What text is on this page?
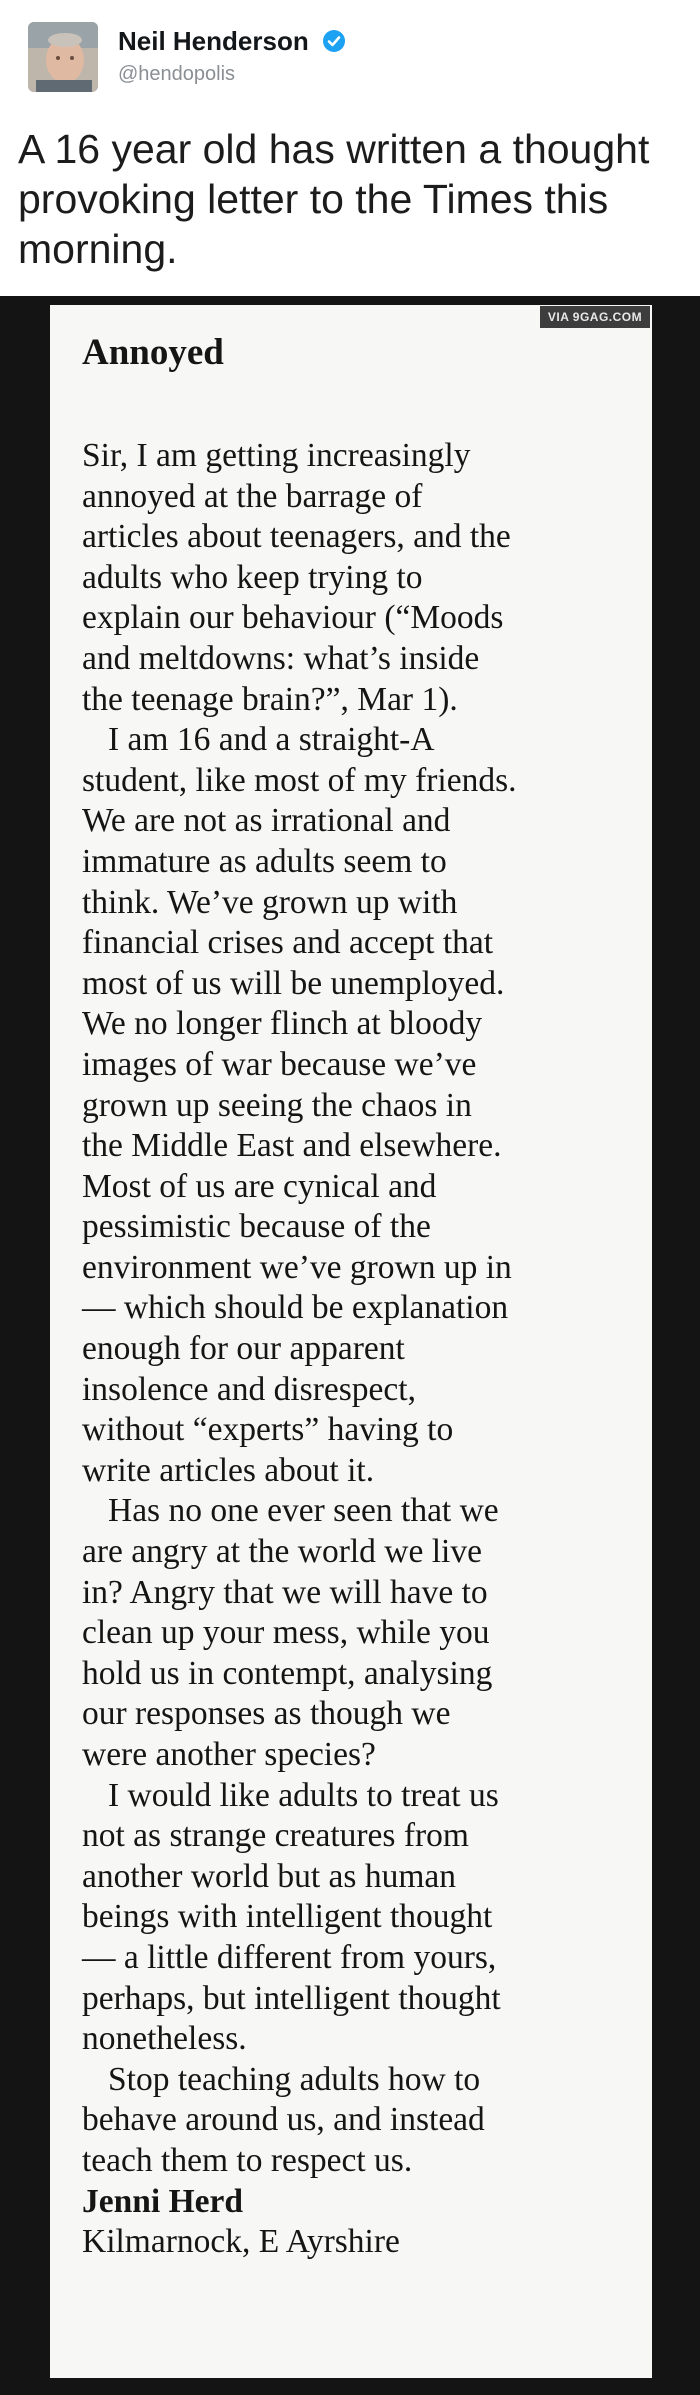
Neil Henderson
@hendopolis
A 16 year old has written a thought
provoking letter to the Times this
morning.
VIA 9GAG.COM
Annoyed
Sir, I am getting increasingly
annoyed at the barrage of
articles about teenagers, and the
adults who keep trying to
explain our behaviour (“Moods
and meltdowns: what’s inside
the teenage brain?”, Mar 1).
I am 16 and a straight-A
student, like most of my friends.
We are not as irrational and
immature as adults seem to
think. We’ve grown up with
financial crises and accept that
most of us will be unemployed.
We no longer flinch at bloody
images of war because we’ve
grown up seeing the chaos in
the Middle East and elsewhere.
Most of us are cynical and
pessimistic because of the
environment we’ve grown up in
— which should be explanation
enough for our apparent
insolence and disrespect,
without “experts” having to
write articles about it.
Has no one ever seen that we
are angry at the world we live
in? Angry that we will have to
clean up your mess, while you
hold us in contempt, analysing
our responses as though we
were another species?
I would like adults to treat us
not as strange creatures from
another world but as human
beings with intelligent thought
— a little different from yours,
perhaps, but intelligent thought
nonetheless.
Stop teaching adults how to
behave around us, and instead
teach them to respect us.
Jenni Herd
Kilmarnock, E Ayrshire
